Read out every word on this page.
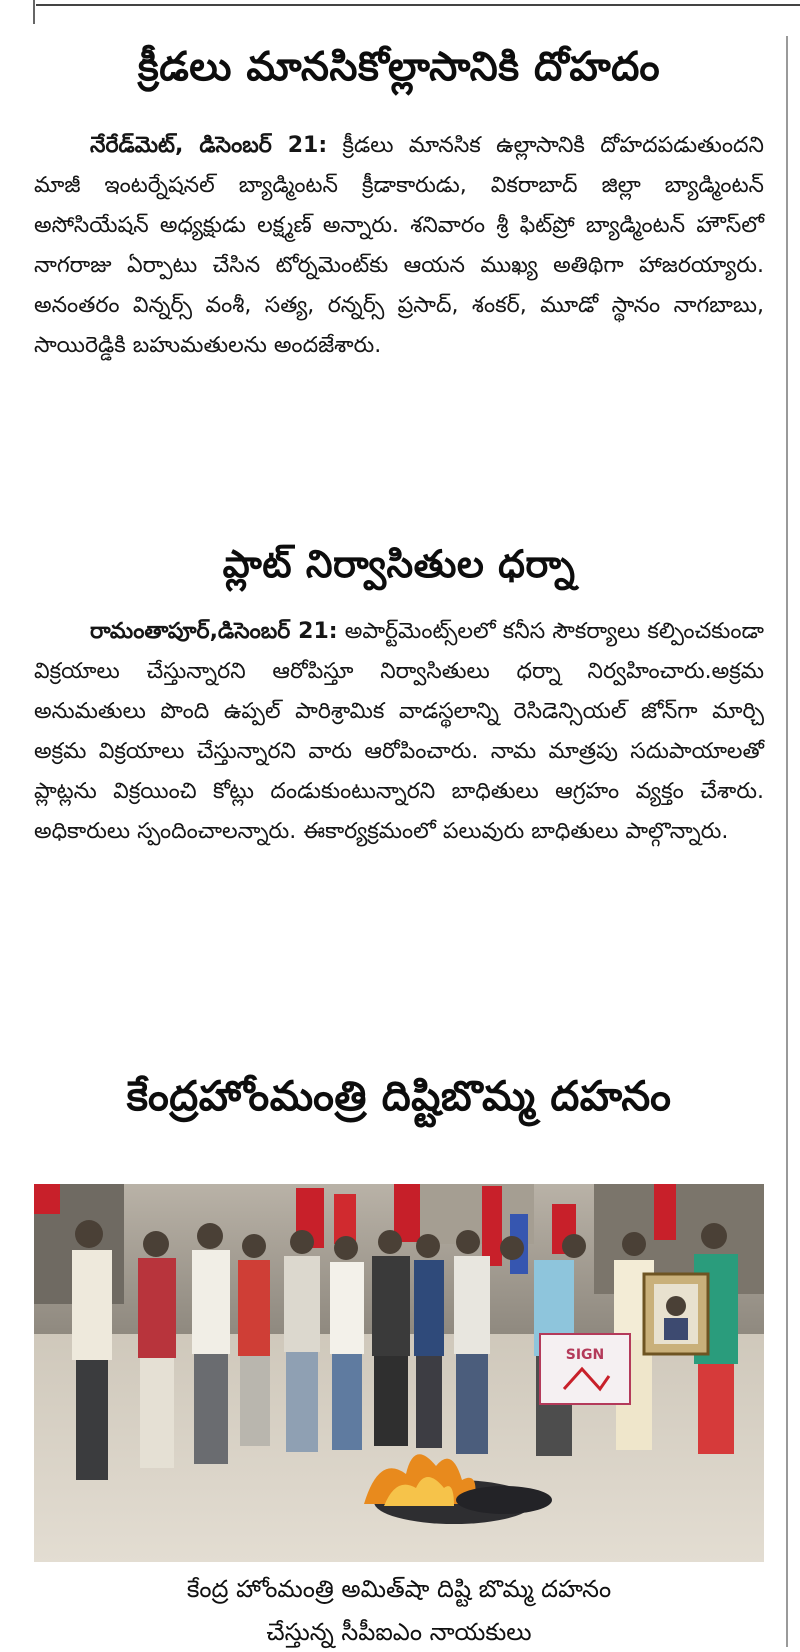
క్రీడలు మానసికోల్లాసానికి దోహదం

నేరేడ్‌మెట్, డిసెంబర్ 21: క్రీడలు మానసిక ఉల్లాసానికి దోహదపడుతుందని మాజీ ఇంటర్నేషనల్ బ్యాడ్మింటన్ క్రీడాకారుడు, వికరాబాద్ జిల్లా బ్యాడ్మింటన్ అసోసియేషన్ అధ్యక్షుడు లక్ష్మణ్ అన్నారు. శనివారం శ్రీ ఫిట్‌ప్రో బ్యాడ్మింటన్ హౌస్‌లో నాగరాజు ఏర్పాటు చేసిన టోర్నమెంట్‌కు ఆయన ముఖ్య అతిథిగా హాజరయ్యారు. అనంతరం విన్నర్స్ వంశీ, సత్య, రన్నర్స్ ప్రసాద్, శంకర్, మూడో స్థానం నాగబాబు, సాయిరెడ్డికి బహుమతులను అందజేశారు.

ప్లాట్ నిర్వాసితుల ధర్నా

రామంతాపూర్,డిసెంబర్ 21: అపార్ట్‌మెంట్స్‌లలో కనీస సౌకర్యాలు కల్పించకుండా విక్రయాలు చేస్తున్నారని ఆరోపిస్తూ నిర్వాసితులు ధర్నా నిర్వహించారు.అక్రమ అనుమతులు పొంది ఉప్పల్ పారిశ్రామిక వాడస్థలాన్ని రెసిడెన్సియల్ జోన్‌గా మార్చి అక్రమ విక్రయాలు చేస్తున్నారని వారు ఆరోపించారు. నామ మాత్రపు సదుపాయాలతో ప్లాట్లను విక్రయించి కోట్లు దండుకుంటున్నారని బాధితులు ఆగ్రహం వ్యక్తం చేశారు. అధికారులు స్పందించాలన్నారు. ఈకార్యక్రమంలో పలువురు బాధితులు పాల్గొన్నారు.

కేంద్రహోంమంత్రి దిష్టిబొమ్మ దహనం
SIGN
కేంద్ర హోంమంత్రి అమిత్‌షా దిష్టి బొమ్మ దహనం
చేస్తున్న సీపీఐఎం నాయకులు
